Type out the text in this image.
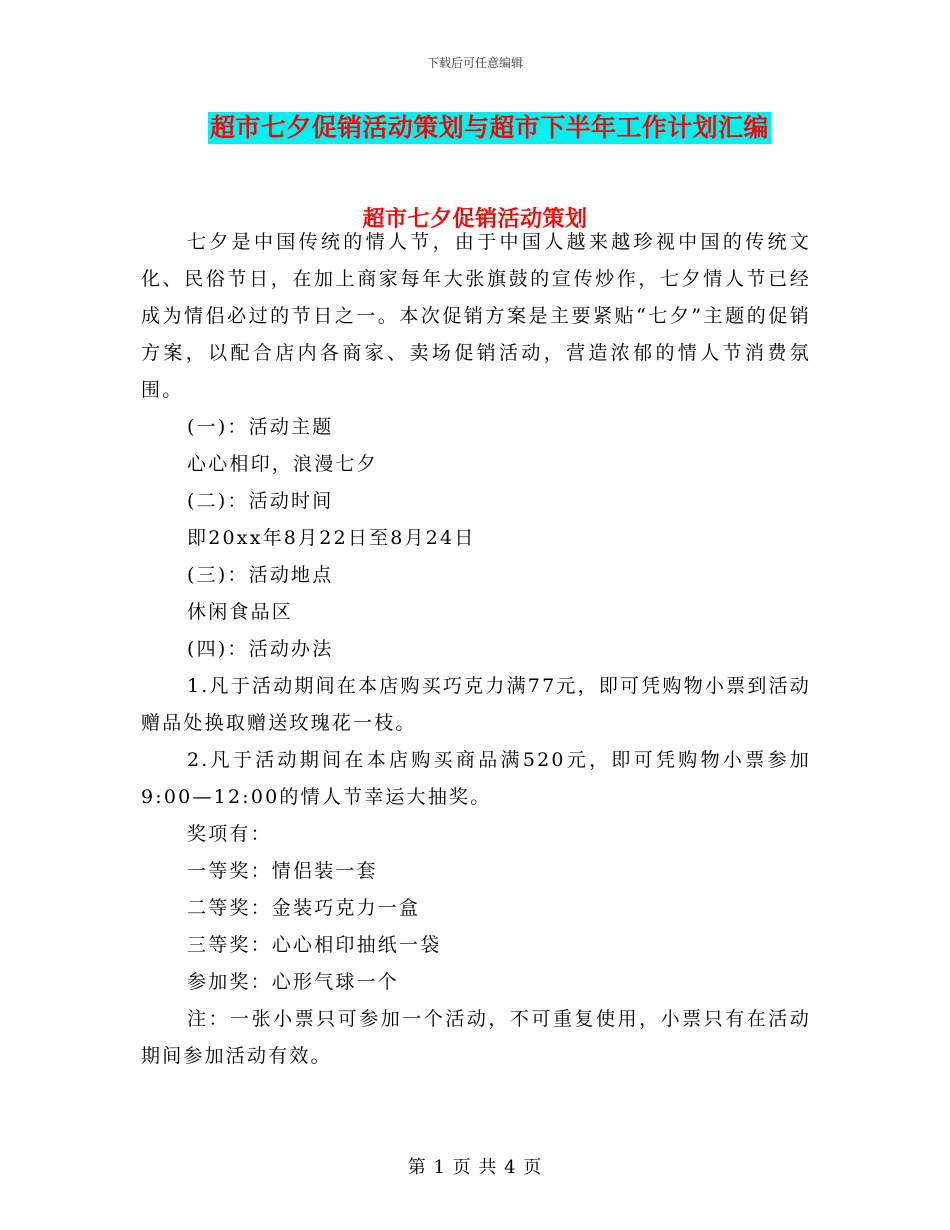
下载后可任意编辑
超市七夕促销活动策划与超市下半年工作计划汇编
超市七夕促销活动策划

七夕是中国传统的情人节，由于中国人越来越珍视中国的传统文化、民俗节日，在加上商家每年大张旗鼓的宣传炒作，七夕情人节已经成为情侣必过的节日之一。本次促销方案是主要紧贴“七夕”主题的促销方案，以配合店内各商家、卖场促销活动，营造浓郁的情人节消费氛围。

(一)：活动主题

心心相印，浪漫七夕

(二)：活动时间

即20xx年8月22日至8月24日

(三)：活动地点

休闲食品区

(四)：活动办法

1.凡于活动期间在本店购买巧克力满77元，即可凭购物小票到活动赠品处换取赠送玫瑰花一枝。

2.凡于活动期间在本店购买商品满520元，即可凭购物小票参加9:00—12:00的情人节幸运大抽奖。

奖项有：

一等奖：情侣装一套

二等奖：金装巧克力一盒

三等奖：心心相印抽纸一袋

参加奖：心形气球一个

注：一张小票只可参加一个活动，不可重复使用，小票只有在活动期间参加活动有效。

第 1 页 共 4 页
